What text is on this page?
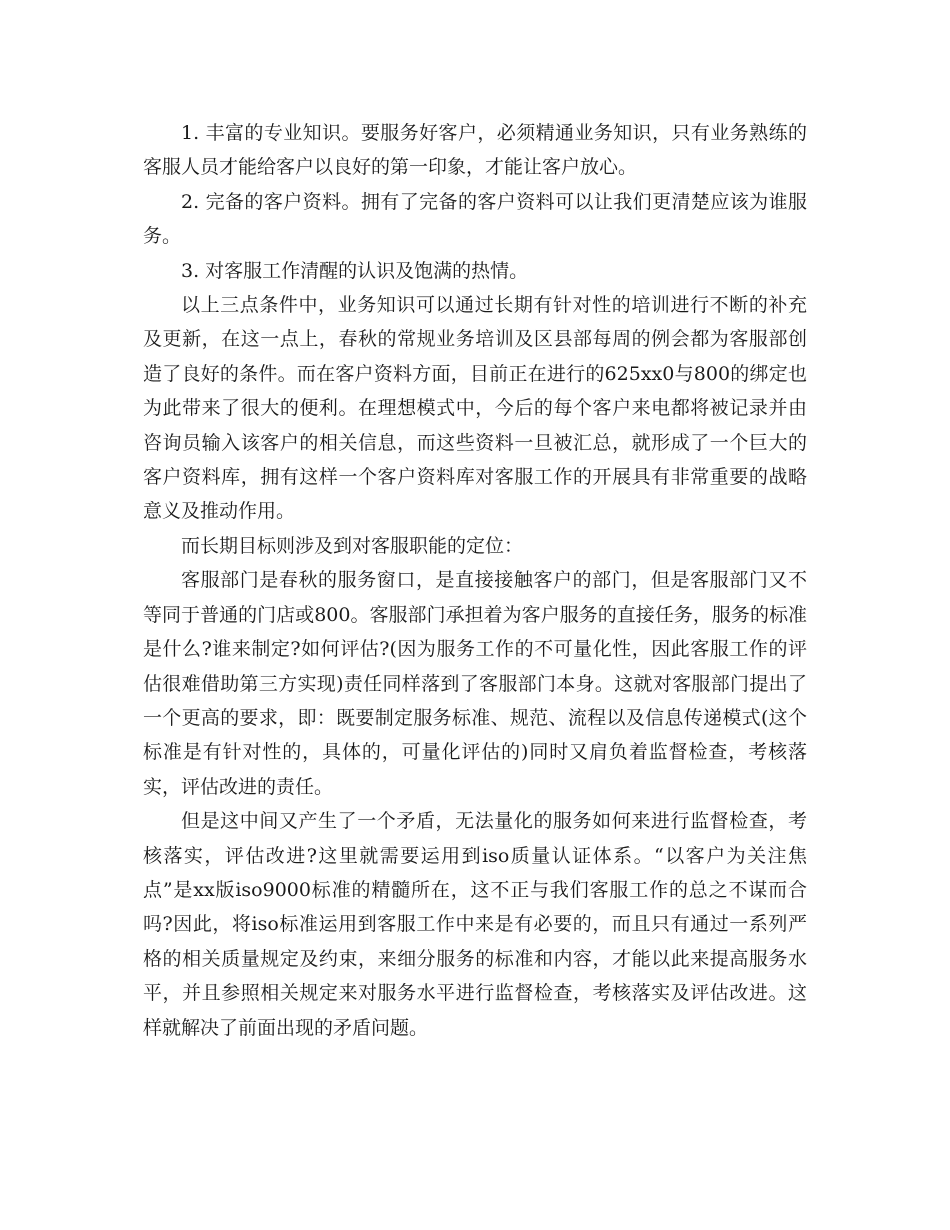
1. 丰富的专业知识。要服务好客户，必须精通业务知识，只有业务熟练的客服人员才能给客户以良好的第一印象，才能让客户放心。

2. 完备的客户资料。拥有了完备的客户资料可以让我们更清楚应该为谁服务。

3. 对客服工作清醒的认识及饱满的热情。

以上三点条件中，业务知识可以通过长期有针对性的培训进行不断的补充及更新，在这一点上，春秋的常规业务培训及区县部每周的例会都为客服部创造了良好的条件。而在客户资料方面，目前正在进行的625xx0与800的绑定也为此带来了很大的便利。在理想模式中，今后的每个客户来电都将被记录并由咨询员输入该客户的相关信息，而这些资料一旦被汇总，就形成了一个巨大的客户资料库，拥有这样一个客户资料库对客服工作的开展具有非常重要的战略意义及推动作用。

而长期目标则涉及到对客服职能的定位：

客服部门是春秋的服务窗口，是直接接触客户的部门，但是客服部门又不等同于普通的门店或800。客服部门承担着为客户服务的直接任务，服务的标准是什么?谁来制定?如何评估?(因为服务工作的不可量化性，因此客服工作的评估很难借助第三方实现)责任同样落到了客服部门本身。这就对客服部门提出了一个更高的要求，即：既要制定服务标准、规范、流程以及信息传递模式(这个标准是有针对性的，具体的，可量化评估的)同时又肩负着监督检查，考核落实，评估改进的责任。

但是这中间又产生了一个矛盾，无法量化的服务如何来进行监督检查，考核落实，评估改进?这里就需要运用到iso质量认证体系。“以客户为关注焦点”是xx版iso9000标准的精髓所在，这不正与我们客服工作的总之不谋而合吗?因此，将iso标准运用到客服工作中来是有必要的，而且只有通过一系列严格的相关质量规定及约束，来细分服务的标准和内容，才能以此来提高服务水平，并且参照相关规定来对服务水平进行监督检查，考核落实及评估改进。这样就解决了前面出现的矛盾问题。
